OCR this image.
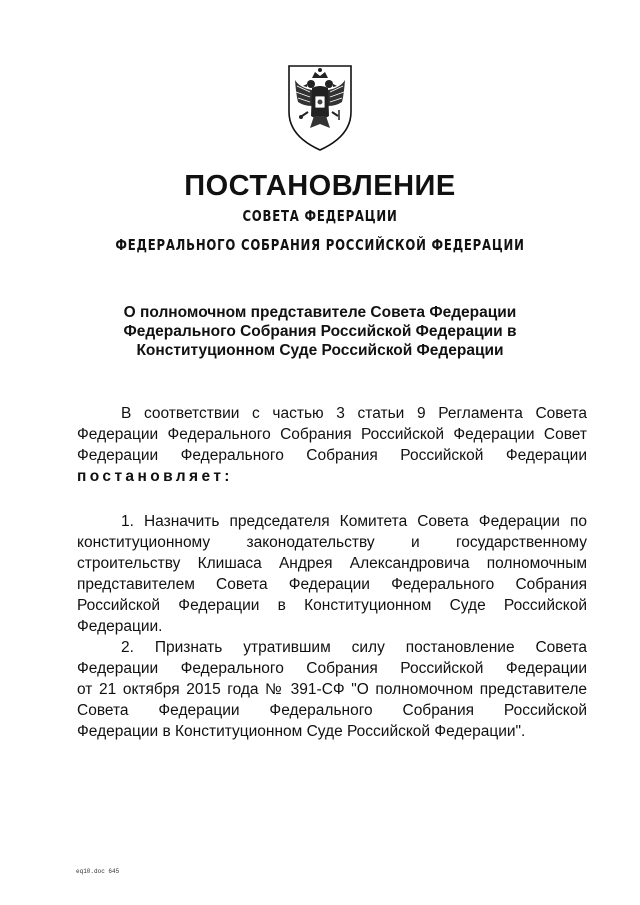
ПОСТАНОВЛЕНИЕ
СОВЕТА ФЕДЕРАЦИИ
ФЕДЕРАЛЬНОГО СОБРАНИЯ РОССИЙСКОЙ ФЕДЕРАЦИИ
О полномочном представителе Совета Федерации
Федерального Собрания Российской Федерации в
Конституционном Суде Российской Федерации
В соответствии с частью 3 статьи 9 Регламента Совета
Федерации Федерального Собрания Российской Федерации Совет
Федерации Федерального Собрания Российской Федерации
постановляет:
1. Назначить председателя Комитета Совета Федерации по
конституционному законодательству и государственному
строительству Клишаса Андрея Александровича полномочным
представителем Совета Федерации Федерального Собрания
Российской Федерации в Конституционном Суде Российской
Федерации.
2. Признать утратившим силу постановление Совета
Федерации Федерального Собрания Российской Федерации
от 21 октября 2015 года № 391-СФ "О полномочном представителе
Совета Федерации Федерального Собрания Российской
Федерации в Конституционном Суде Российской Федерации".
eq10.doc 645
